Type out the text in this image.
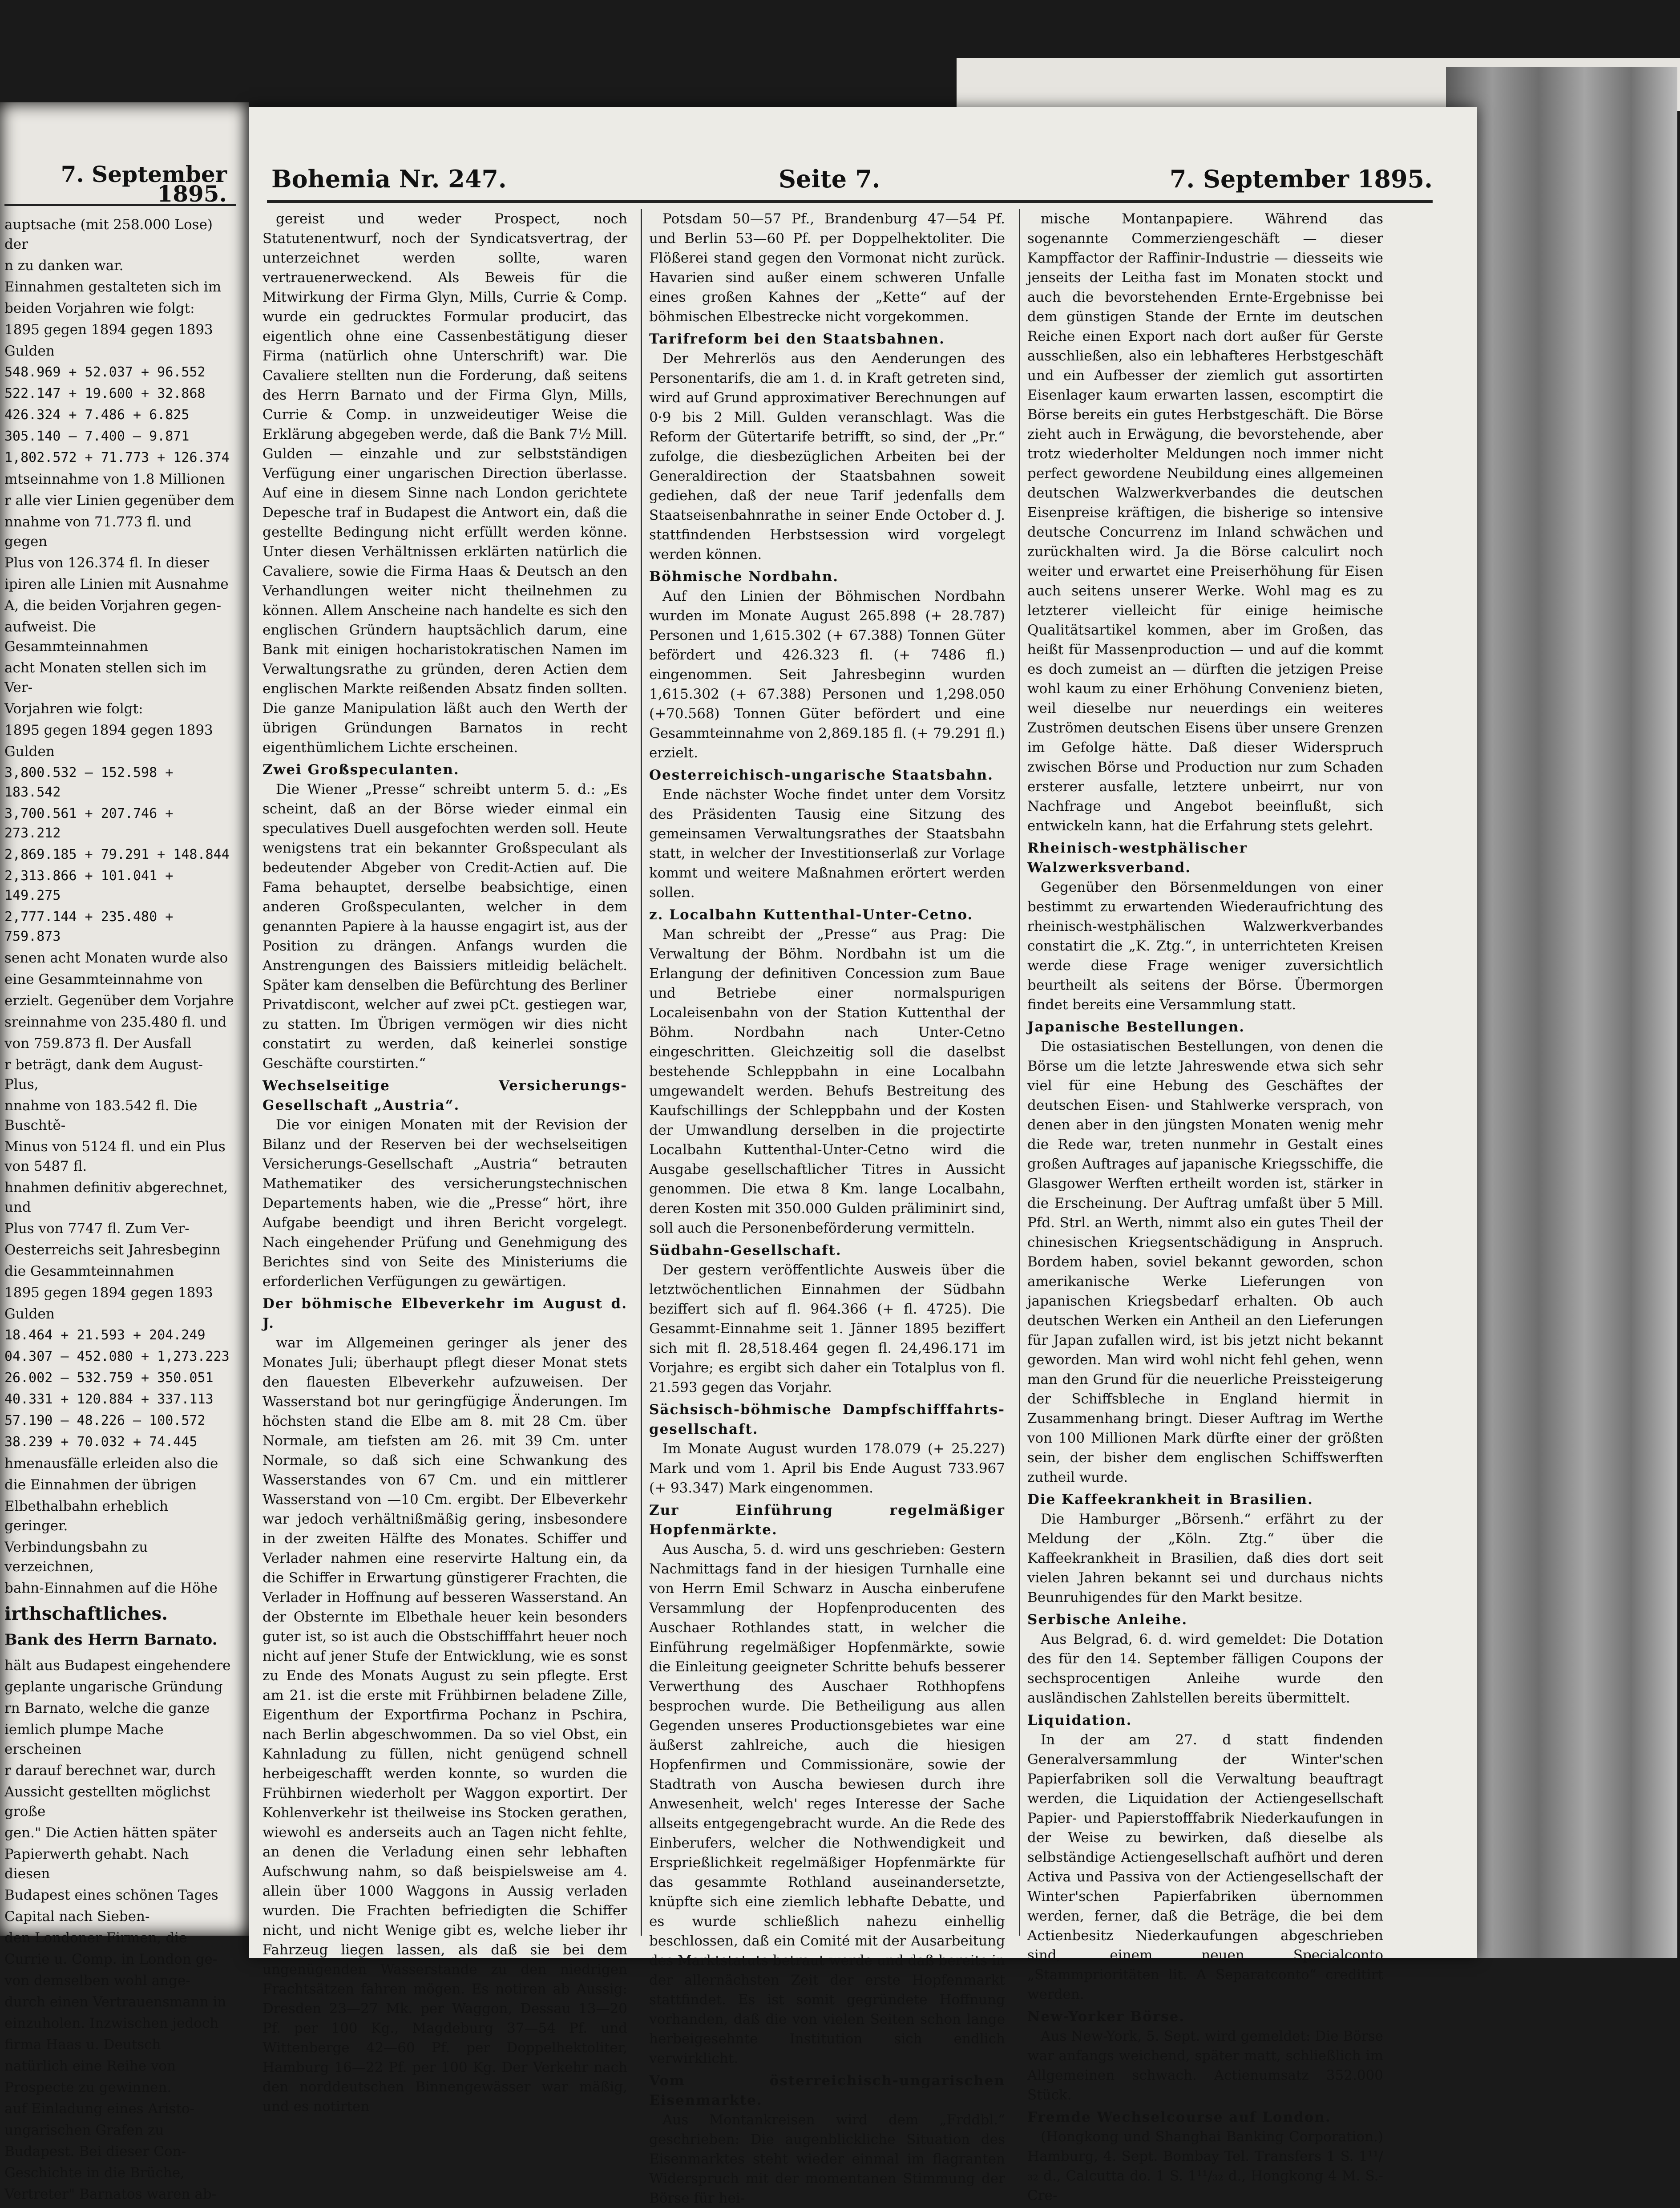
7. September 1895.

auptsache (mit 258.000 Lose) der

n zu danken war.

Einnahmen gestalteten sich im

beiden Vorjahren wie folgt:

1895 gegen 1894 gegen 1893

Gulden

548.969 + 52.037 + 96.552

522.147 + 19.600 + 32.868

426.324 + 7.486 + 6.825

305.140 — 7.400 — 9.871

1,802.572 + 71.773 + 126.374

mtseinnahme von 1.8 Millionen

r alle vier Linien gegenüber dem

nnahme von 71.773 fl. und gegen

Plus von 126.374 fl. In dieser

ipiren alle Linien mit Ausnahme

A, die beiden Vorjahren gegen-

aufweist. Die Gesammteinnahmen

acht Monaten stellen sich im Ver-

Vorjahren wie folgt:

1895 gegen 1894 gegen 1893

Gulden

3,800.532 — 152.598 + 183.542

3,700.561 + 207.746 + 273.212

2,869.185 + 79.291 + 148.844

2,313.866 + 101.041 + 149.275

2,777.144 + 235.480 + 759.873

senen acht Monaten wurde also

eine Gesammteinnahme von

erzielt. Gegenüber dem Vorjahre

sreinnahme von 235.480 fl. und

von 759.873 fl. Der Ausfall

r beträgt, dank dem August-Plus,

nnahme von 183.542 fl. Die Buschtě-

Minus von 5124 fl. und ein Plus von 5487 fl.

hnahmen definitiv abgerechnet, und

Plus von 7747 fl. Zum Ver-

Oesterreichs seit Jahresbeginn

die Gesammteinnahmen

1895 gegen 1894 gegen 1893

Gulden

18.464 + 21.593 + 204.249

04.307 — 452.080 + 1,273.223

26.002 — 532.759 + 350.051

40.331 + 120.884 + 337.113

57.190 — 48.226 — 100.572

38.239 + 70.032 + 74.445

hmenausfälle erleiden also die

die Einnahmen der übrigen

Elbethalbahn erheblich geringer.

Verbindungsbahn zu verzeichnen,

bahn-Einnahmen auf die Höhe

irthschaftliches.
Bank des Herrn Barnato.

hält aus Budapest eingehendere

geplante ungarische Gründung

rn Barnato, welche die ganze

iemlich plumpe Mache erscheinen

r darauf berechnet war, durch

Aussicht gestellten möglichst große

gen." Die Actien hätten später

Papierwerth gehabt. Nach diesen

Budapest eines schönen Tages

Capital nach Sieben-

den Londoner Firmen, die

Currie u. Comp. in London ge-

von demselben wohl ange-

durch einen Vertrauensmann in

einzuholen. Inzwischen jedoch

firma Haas u. Deutsch

natürlich eine Reihe von

Prospecte zu gewinnen.

auf Einladung eines Aristo-

ungarischen Grafen zu

Budapest. Bei dieser Con-

Geschichte in die Brüche,

Vertreter" Barnatos waren ab-

Bohemia Nr. 247.	Seite 7.	7. September 1895.

gereist und weder Prospect, noch Statutenentwurf, noch der Syndicatsvertrag, der unterzeichnet werden sollte, waren vertrauenerweckend. Als Beweis für die Mitwirkung der Firma Glyn, Mills, Currie & Comp. wurde ein gedrucktes Formular producirt, das eigentlich ohne eine Cassenbestätigung dieser Firma (natürlich ohne Unterschrift) war. Die Cavaliere stellten nun die Forderung, daß seitens des Herrn Barnato und der Firma Glyn, Mills, Currie & Comp. in unzweideutiger Weise die Erklärung abgegeben werde, daß die Bank 7½ Mill. Gulden — einzahle und zur selbstständigen Verfügung einer ungarischen Direction überlasse. Auf eine in diesem Sinne nach London gerichtete Depesche traf in Budapest die Antwort ein, daß die gestellte Bedingung nicht erfüllt werden könne. Unter diesen Verhältnissen erklärten natürlich die Cavaliere, sowie die Firma Haas & Deutsch an den Verhandlungen weiter nicht theilnehmen zu können. Allem Anscheine nach handelte es sich den englischen Gründern hauptsächlich darum, eine Bank mit einigen hocharistokratischen Namen im Verwaltungsrathe zu gründen, deren Actien dem englischen Markte reißenden Absatz finden sollten. Die ganze Manipulation läßt auch den Werth der übrigen Gründungen Barnatos in recht eigenthümlichem Lichte erscheinen.

Zwei Großspeculanten.

Die Wiener „Presse“ schreibt unterm 5. d.: „Es scheint, daß an der Börse wieder einmal ein speculatives Duell ausgefochten werden soll. Heute wenigstens trat ein bekannter Großspeculant als bedeutender Abgeber von Credit-Actien auf. Die Fama behauptet, derselbe beabsichtige, einen anderen Großspeculanten, welcher in dem genannten Papiere à la hausse engagirt ist, aus der Position zu drängen. Anfangs wurden die Anstrengungen des Baissiers mitleidig belächelt. Später kam denselben die Befürchtung des Berliner Privatdiscont, welcher auf zwei pCt. gestiegen war, zu statten. Im Übrigen vermögen wir dies nicht constatirt zu werden, daß keinerlei sonstige Geschäfte courstirten.“

Wechselseitige Versicherungs-Gesellschaft „Austria“.

Die vor einigen Monaten mit der Revision der Bilanz und der Reserven bei der wechselseitigen Versicherungs-Gesellschaft „Austria“ betrauten Mathematiker des versicherungstechnischen Departements haben, wie die „Presse“ hört, ihre Aufgabe beendigt und ihren Bericht vorgelegt. Nach eingehender Prüfung und Genehmigung des Berichtes sind von Seite des Ministeriums die erforderlichen Verfügungen zu gewärtigen.

Der böhmische Elbeverkehr im August d. J.

war im Allgemeinen geringer als jener des Monates Juli; überhaupt pflegt dieser Monat stets den flauesten Elbeverkehr aufzuweisen. Der Wasserstand bot nur geringfügige Änderungen. Im höchsten stand die Elbe am 8. mit 28 Cm. über Normale, am tiefsten am 26. mit 39 Cm. unter Normale, so daß sich eine Schwankung des Wasserstandes von 67 Cm. und ein mittlerer Wasserstand von —10 Cm. ergibt. Der Elbeverkehr war jedoch verhältnißmäßig gering, insbesondere in der zweiten Hälfte des Monates. Schiffer und Verlader nahmen eine reservirte Haltung ein, da die Schiffer in Erwartung günstigerer Frachten, die Verlader in Hoffnung auf besseren Wasserstand. An der Obsternte im Elbethale heuer kein besonders guter ist, so ist auch die Obstschifffahrt heuer noch nicht auf jener Stufe der Entwicklung, wie es sonst zu Ende des Monats August zu sein pflegte. Erst am 21. ist die erste mit Frühbirnen beladene Zille, Eigenthum der Exportfirma Pochanz in Pschira, nach Berlin abgeschwommen. Da so viel Obst, ein Kahnladung zu füllen, nicht genügend schnell herbeigeschafft werden konnte, so wurden die Frühbirnen wiederholt per Waggon exportirt. Der Kohlenverkehr ist theilweise ins Stocken gerathen, wiewohl es anderseits auch an Tagen nicht fehlte, an denen die Verladung einen sehr lebhaften Aufschwung nahm, so daß beispielsweise am 4. allein über 1000 Waggons in Aussig verladen wurden. Die Frachten befriedigten die Schiffer nicht, und nicht Wenige gibt es, welche lieber ihr Fahrzeug liegen lassen, als daß sie bei dem ungenügenden Wasserstande zu den niedrigen Frachtsätzen fahren mögen. Es notiren ab Aussig: Dresden 23—27 Mk. per Waggon, Dessau 13—20 Pf. per 100 Kg., Magdeburg 37—54 Pf. und Wittenberge 42—60 Pf. per Doppelhektoliter, Hamburg 16—22 Pf. per 100 Kg. Der Verkehr nach den norddeutschen Binnengewässer war mäßig, und es notirten

Potsdam 50—57 Pf., Brandenburg 47—54 Pf. und Berlin 53—60 Pf. per Doppelhektoliter. Die Flößerei stand gegen den Vormonat nicht zurück. Havarien sind außer einem schweren Unfalle eines großen Kahnes der „Kette“ auf der böhmischen Elbestrecke nicht vorgekommen.

Tarifreform bei den Staatsbahnen.

Der Mehrerlös aus den Aenderungen des Personentarifs, die am 1. d. in Kraft getreten sind, wird auf Grund approximativer Berechnungen auf 0·9 bis 2 Mill. Gulden veranschlagt. Was die Reform der Gütertarife betrifft, so sind, der „Pr.“ zufolge, die diesbezüglichen Arbeiten bei der Generaldirection der Staatsbahnen soweit gediehen, daß der neue Tarif jedenfalls dem Staatseisenbahnrathe in seiner Ende October d. J. stattfindenden Herbstsession wird vorgelegt werden können.

Böhmische Nordbahn.

Auf den Linien der Böhmischen Nordbahn wurden im Monate August 265.898 (+ 28.787) Personen und 1,615.302 (+ 67.388) Tonnen Güter befördert und 426.323 fl. (+ 7486 fl.) eingenommen. Seit Jahresbeginn wurden 1,615.302 (+ 67.388) Personen und 1,298.050 (+70.568) Tonnen Güter befördert und eine Gesammteinnahme von 2,869.185 fl. (+ 79.291 fl.) erzielt.

Oesterreichisch-ungarische Staatsbahn.

Ende nächster Woche findet unter dem Vorsitz des Präsidenten Tausig eine Sitzung des gemeinsamen Verwaltungsrathes der Staatsbahn statt, in welcher der Investitionserlaß zur Vorlage kommt und weitere Maßnahmen erörtert werden sollen.

z. Localbahn Kuttenthal-Unter-Cetno.

Man schreibt der „Presse“ aus Prag: Die Verwaltung der Böhm. Nordbahn ist um die Erlangung der definitiven Concession zum Baue und Betriebe einer normalspurigen Localeisenbahn von der Station Kuttenthal der Böhm. Nordbahn nach Unter-Cetno eingeschritten. Gleichzeitig soll die daselbst bestehende Schleppbahn in eine Localbahn umgewandelt werden. Behufs Bestreitung des Kaufschillings der Schleppbahn und der Kosten der Umwandlung derselben in die projectirte Localbahn Kuttenthal-Unter-Cetno wird die Ausgabe gesellschaftlicher Titres in Aussicht genommen. Die etwa 8 Km. lange Localbahn, deren Kosten mit 350.000 Gulden präliminirt sind, soll auch die Personenbeförderung vermitteln.

Südbahn-Gesellschaft.

Der gestern veröffentlichte Ausweis über die letztwöchentlichen Einnahmen der Südbahn beziffert sich auf fl. 964.366 (+ fl. 4725). Die Gesammt-Einnahme seit 1. Jänner 1895 beziffert sich mit fl. 28,518.464 gegen fl. 24,496.171 im Vorjahre; es ergibt sich daher ein Totalplus von fl. 21.593 gegen das Vorjahr.

Sächsisch-böhmische Dampfschifffahrts-gesellschaft.

Im Monate August wurden 178.079 (+ 25.227) Mark und vom 1. April bis Ende August 733.967 (+ 93.347) Mark eingenommen.

Zur Einführung regelmäßiger Hopfenmärkte.

Aus Auscha, 5. d. wird uns geschrieben: Gestern Nachmittags fand in der hiesigen Turnhalle eine von Herrn Emil Schwarz in Auscha einberufene Versammlung der Hopfenproducenten des Auschaer Rothlandes statt, in welcher die Einführung regelmäßiger Hopfenmärkte, sowie die Einleitung geeigneter Schritte behufs besserer Verwerthung des Auschaer Rothhopfens besprochen wurde. Die Betheiligung aus allen Gegenden unseres Productionsgebietes war eine äußerst zahlreiche, auch die hiesigen Hopfenfirmen und Commissionäre, sowie der Stadtrath von Auscha bewiesen durch ihre Anwesenheit, welch' reges Interesse der Sache allseits entgegengebracht wurde. An die Rede des Einberufers, welcher die Nothwendigkeit und Ersprießlichkeit regelmäßiger Hopfenmärkte für das gesammte Rothland auseinandersetzte, knüpfte sich eine ziemlich lebhafte Debatte, und es wurde schließlich nahezu einhellig beschlossen, daß ein Comité mit der Ausarbeitung des Marktstatuts betraut werde und daß bereits in der allernächsten Zeit der erste Hopfenmarkt stattfindet. Es ist somit gegründete Hoffnung vorhanden, daß die von vielen Seiten schon lange herbeigesehnte Institution sich endlich verwirklicht.

Vom österreichisch-ungarischen Eisenmarkte.

Aus Montankreisen wird dem „Frddbl.“ geschrieben: Die augenblickliche Situation des Eisenmarktes steht wieder einmal im flagranten Widerspruch mit der momentanen Stimmung der Börse für hei-

mische Montanpapiere. Während das sogenannte Commerziengeschäft — dieser Kampffactor der Raffinir-Industrie — diesseits wie jenseits der Leitha fast im Monaten stockt und auch die bevorstehenden Ernte-Ergebnisse bei dem günstigen Stande der Ernte im deutschen Reiche einen Export nach dort außer für Gerste ausschließen, also ein lebhafteres Herbstgeschäft und ein Aufbesser der ziemlich gut assortirten Eisenlager kaum erwarten lassen, escomptirt die Börse bereits ein gutes Herbstgeschäft. Die Börse zieht auch in Erwägung, die bevorstehende, aber trotz wiederholter Meldungen noch immer nicht perfect gewordene Neubildung eines allgemeinen deutschen Walzwerkverbandes die deutschen Eisenpreise kräftigen, die bisherige so intensive deutsche Concurrenz im Inland schwächen und zurückhalten wird. Ja die Börse calculirt noch weiter und erwartet eine Preiserhöhung für Eisen auch seitens unserer Werke. Wohl mag es zu letzterer vielleicht für einige heimische Qualitätsartikel kommen, aber im Großen, das heißt für Massenproduction — und auf die kommt es doch zumeist an — dürften die jetzigen Preise wohl kaum zu einer Erhöhung Convenienz bieten, weil dieselbe nur neuerdings ein weiteres Zuströmen deutschen Eisens über unsere Grenzen im Gefolge hätte. Daß dieser Widerspruch zwischen Börse und Production nur zum Schaden ersterer ausfalle, letztere unbeirrt, nur von Nachfrage und Angebot beeinflußt, sich entwickeln kann, hat die Erfahrung stets gelehrt.

Rheinisch-westphälischer Walzwerksverband.

Gegenüber den Börsenmeldungen von einer bestimmt zu erwartenden Wiederaufrichtung des rheinisch-westphälischen Walzwerkverbandes constatirt die „K. Ztg.“, in unterrichteten Kreisen werde diese Frage weniger zuversichtlich beurtheilt als seitens der Börse. Übermorgen findet bereits eine Versammlung statt.

Japanische Bestellungen.

Die ostasiatischen Bestellungen, von denen die Börse um die letzte Jahreswende etwa sich sehr viel für eine Hebung des Geschäftes der deutschen Eisen- und Stahlwerke versprach, von denen aber in den jüngsten Monaten wenig mehr die Rede war, treten nunmehr in Gestalt eines großen Auftrages auf japanische Kriegsschiffe, die Glasgower Werften ertheilt worden ist, stärker in die Erscheinung. Der Auftrag umfaßt über 5 Mill. Pfd. Strl. an Werth, nimmt also ein gutes Theil der chinesischen Kriegsentschädigung in Anspruch. Bordem haben, soviel bekannt geworden, schon amerikanische Werke Lieferungen von japanischen Kriegsbedarf erhalten. Ob auch deutschen Werken ein Antheil an den Lieferungen für Japan zufallen wird, ist bis jetzt nicht bekannt geworden. Man wird wohl nicht fehl gehen, wenn man den Grund für die neuerliche Preissteigerung der Schiffsbleche in England hiermit in Zusammenhang bringt. Dieser Auftrag im Werthe von 100 Millionen Mark dürfte einer der größten sein, der bisher dem englischen Schiffswerften zutheil wurde.

Die Kaffeekrankheit in Brasilien.

Die Hamburger „Börsenh.“ erfährt zu der Meldung der „Köln. Ztg.“ über die Kaffeekrankheit in Brasilien, daß dies dort seit vielen Jahren bekannt sei und durchaus nichts Beunruhigendes für den Markt besitze.

Serbische Anleihe.

Aus Belgrad, 6. d. wird gemeldet: Die Dotation des für den 14. September fälligen Coupons der sechsprocentigen Anleihe wurde den ausländischen Zahlstellen bereits übermittelt.

Liquidation.

In der am 27. d statt findenden Generalversammlung der Winter'schen Papierfabriken soll die Verwaltung beauftragt werden, die Liquidation der Actiengesellschaft Papier- und Papierstofffabrik Niederkaufungen in der Weise zu bewirken, daß dieselbe als selbständige Actiengesellschaft aufhört und deren Activa und Passiva von der Actiengesellschaft der Winter'schen Papierfabriken übernommen werden, ferner, daß die Beträge, die bei dem Actienbesitz Niederkaufungen abgeschrieben sind, einem neuen Specialconto „Stammprioritäten lit. A Separatconto“ creditirt werden.

New-Yorker Börse.

Aus New-York, 5. Sept. wird gemeldet: Die Börse war anfangs weichend, später matt, schließlich im Allgemeinen schwach. Actienumsatz 352.000 Stück.

Fremde Wechselcourse auf London.

(Hongkong und Shanghai Banking Corporation.) Hamburg, 4. Sept. Bombay Tel. Transfers 1 S. 1¹¹/₃₂ d., Calcutta do. 1 S. 1¹¹/₃₂ d., Hongkong 4 M. S.-Cre-
